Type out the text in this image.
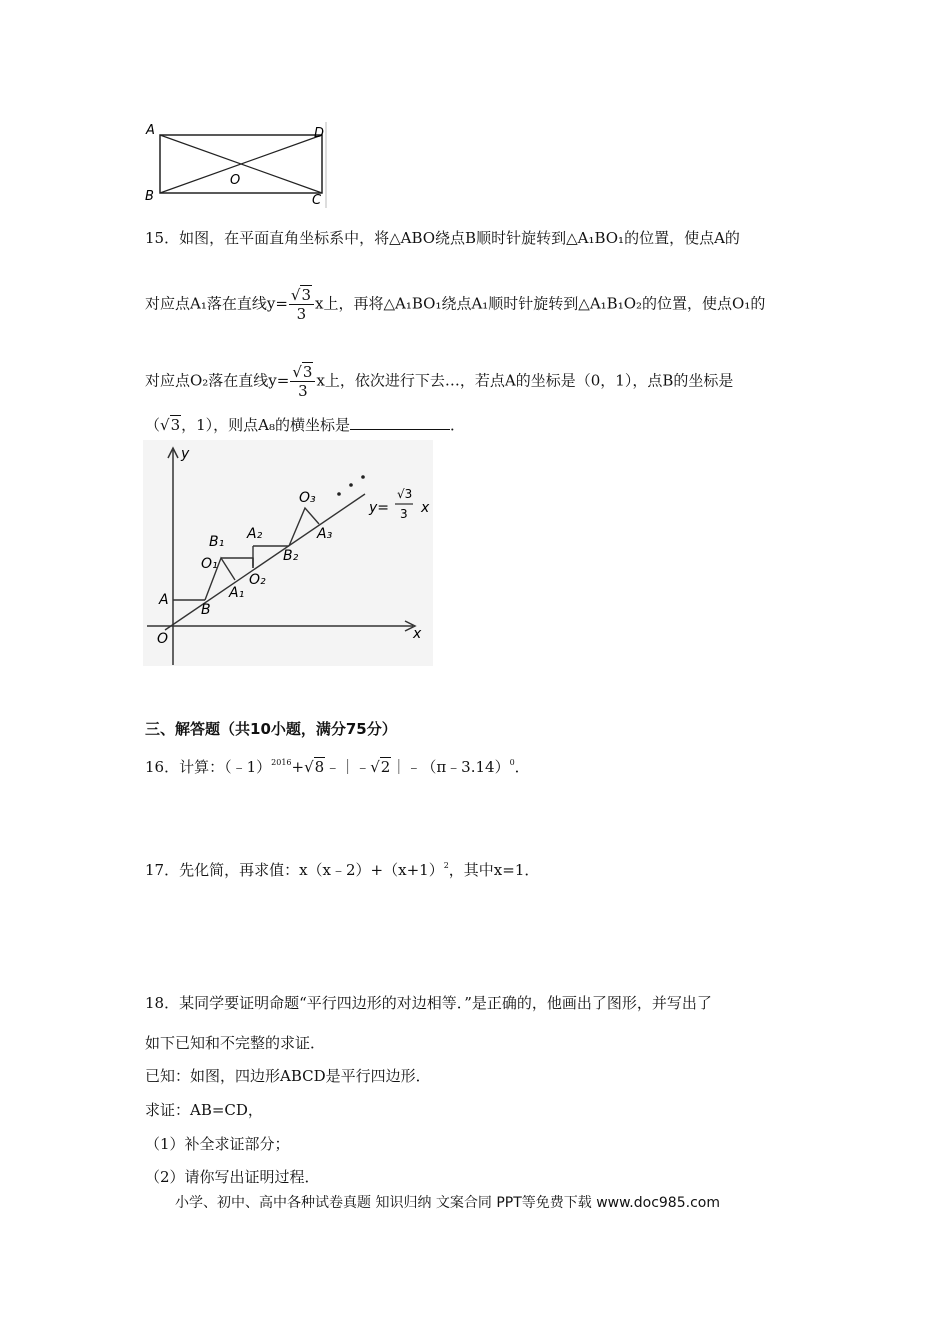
A	D
B	C
O
15．如图，在平面直角坐标系中，将△ABO绕点B顺时针旋转到△A₁BO₁的位置，使点A的
对应点A₁落在直线$y= \frac{√3}{3}$ x上，再将△A₁BO₁绕点A₁顺时针旋转到△A₁B₁O₂的位置，使点O₁的
对应点O₂落在直线$y= \frac{√3}{3}$ x上，依次进行下去…，若点A的坐标是（0，1），点B的坐标是
（√3，1），则点A₈的横坐标是	．
y
x
O
A
B
A₁
O₁
B₁ A₂
O₂
B₂
O₃
A₃
y=
√3
3 x
三、解答题（共10小题，满分75分）
16．计算：（﹣1）$^{2016}$+√8﹣｜﹣√2｜﹣（π﹣3.14）$^0$．
17．先化简，再求值：$x(x﹣2)+(x+1)^2$，其中x=1．
18．某同学要证明命题“平行四边形的对边相等．”是正确的，他画出了图形，并写出了
如下已知和不完整的求证．
已知：如图，四边形ABCD是平行四边形．
求证：AB=CD，
（1）补全求证部分；
（2）请你写出证明过程．
小学、初中、高中各种试卷真题 知识归纳 文案合同 PPT等免费下载 www.doc985.com
